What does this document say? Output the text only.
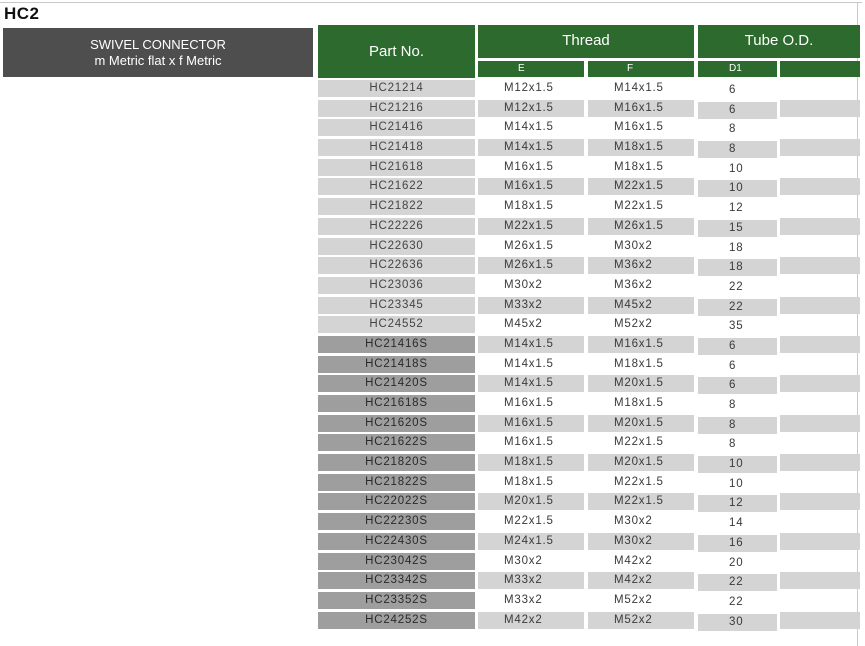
HC2
SWIVEL CONNECTOR
m Metric flat x f Metric
Part No.
Thread	Tube O.D.
E	F	D1
HC21214	M12x1.5	M14x1.5	6
HC21216	M12x1.5	M16x1.5	6
HC21416	M14x1.5	M16x1.5	8
HC21418	M14x1.5	M18x1.5	8
HC21618	M16x1.5	M18x1.5	10
HC21622	M16x1.5	M22x1.5	10
HC21822	M18x1.5	M22x1.5	12
HC22226	M22x1.5	M26x1.5	15
HC22630	M26x1.5	M30x2	18
HC22636	M26x1.5	M36x2	18
HC23036	M30x2	M36x2	22
HC23345	M33x2	M45x2	22
HC24552	M45x2	M52x2	35
HC21416S	M14x1.5	M16x1.5	6
HC21418S	M14x1.5	M18x1.5	6
HC21420S	M14x1.5	M20x1.5	6
HC21618S	M16x1.5	M18x1.5	8
HC21620S	M16x1.5	M20x1.5	8
HC21622S	M16x1.5	M22x1.5	8
HC21820S	M18x1.5	M20x1.5	10
HC21822S	M18x1.5	M22x1.5	10
HC22022S	M20x1.5	M22x1.5	12
HC22230S	M22x1.5	M30x2	14
HC22430S	M24x1.5	M30x2	16
HC23042S	M30x2	M42x2	20
HC23342S	M33x2	M42x2	22
HC23352S	M33x2	M52x2	22
HC24252S	M42x2	M52x2	30
